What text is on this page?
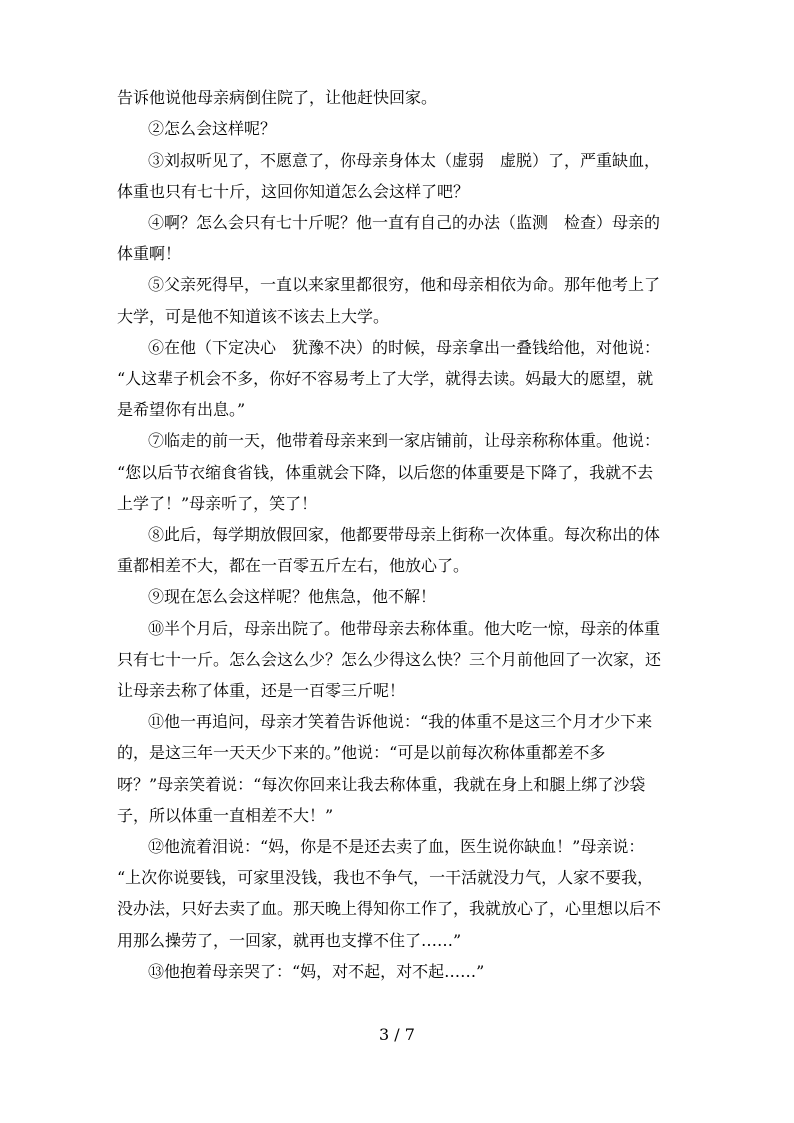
告诉他说他母亲病倒住院了，让他赶快回家。
②怎么会这样呢？
③刘叔听见了，不愿意了，你母亲身体太（虚弱　虚脱）了，严重缺血，
体重也只有七十斤，这回你知道怎么会这样了吧？
④啊？怎么会只有七十斤呢？他一直有自己的办法（监测　检查）母亲的
体重啊！
⑤父亲死得早，一直以来家里都很穷，他和母亲相依为命。那年他考上了
大学，可是他不知道该不该去上大学。
⑥在他（下定决心　犹豫不决）的时候，母亲拿出一叠钱给他，对他说：
“人这辈子机会不多，你好不容易考上了大学，就得去读。妈最大的愿望，就
是希望你有出息。”
⑦临走的前一天，他带着母亲来到一家店铺前，让母亲称称体重。他说：
“您以后节衣缩食省钱，体重就会下降，以后您的体重要是下降了，我就不去
上学了！”母亲听了，笑了！
⑧此后，每学期放假回家，他都要带母亲上街称一次体重。每次称出的体
重都相差不大，都在一百零五斤左右，他放心了。
⑨现在怎么会这样呢？他焦急，他不解！
⑩半个月后，母亲出院了。他带母亲去称体重。他大吃一惊，母亲的体重
只有七十一斤。怎么会这么少？怎么少得这么快？三个月前他回了一次家，还
让母亲去称了体重，还是一百零三斤呢！
⑪他一再追问，母亲才笑着告诉他说：“我的体重不是这三个月才少下来
的，是这三年一天天少下来的。”他说：“可是以前每次称体重都差不多
呀？”母亲笑着说：“每次你回来让我去称体重，我就在身上和腿上绑了沙袋
子，所以体重一直相差不大！”
⑫他流着泪说：“妈，你是不是还去卖了血，医生说你缺血！”母亲说：
“上次你说要钱，可家里没钱，我也不争气，一干活就没力气，人家不要我，
没办法，只好去卖了血。那天晚上得知你工作了，我就放心了，心里想以后不
用那么操劳了，一回家，就再也支撑不住了……”
⑬他抱着母亲哭了：“妈，对不起，对不起……”
3 / 7
